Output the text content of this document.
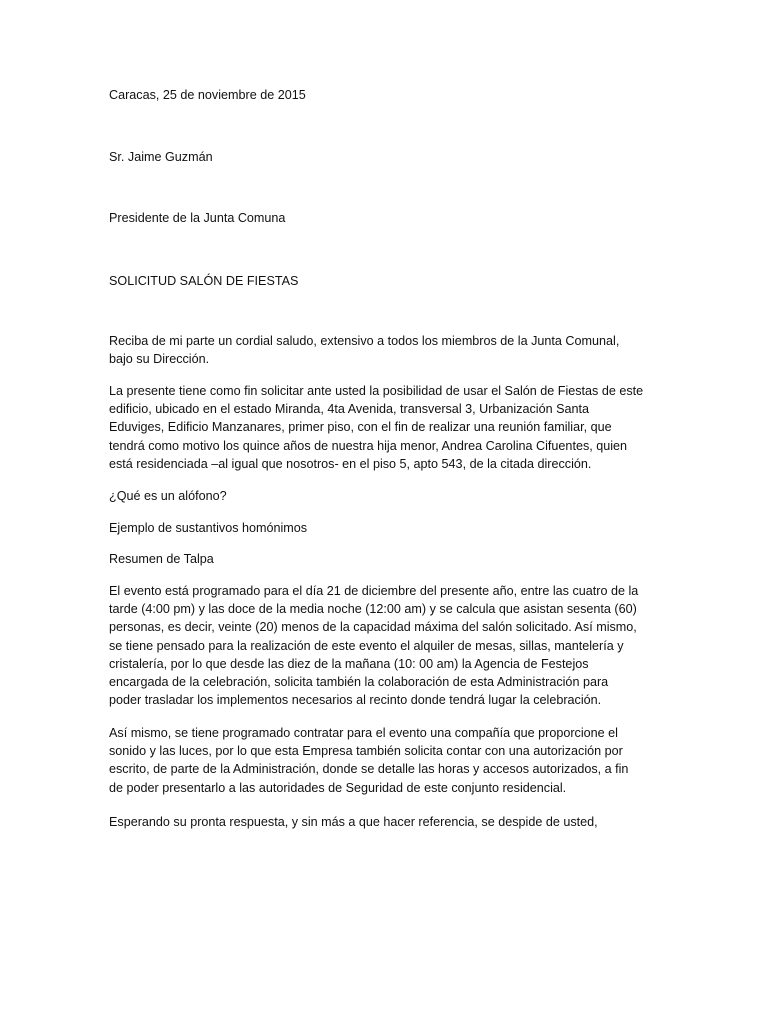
Caracas, 25 de noviembre de 2015

Sr. Jaime Guzmán

Presidente de la Junta Comuna

SOLICITUD SALÓN DE FIESTAS

Reciba de mi parte un cordial saludo, extensivo a todos los miembros de la Junta Comunal,
bajo su Dirección.

La presente tiene como fin solicitar ante usted la posibilidad de usar el Salón de Fiestas de este
edificio, ubicado en el estado Miranda, 4ta Avenida, transversal 3, Urbanización Santa
Eduviges, Edificio Manzanares, primer piso, con el fin de realizar una reunión familiar, que
tendrá como motivo los quince años de nuestra hija menor, Andrea Carolina Cifuentes, quien
está residenciada –al igual que nosotros- en el piso 5, apto 543, de la citada dirección.

¿Qué es un alófono?

Ejemplo de sustantivos homónimos

Resumen de Talpa

El evento está programado para el día 21 de diciembre del presente año, entre las cuatro de la
tarde (4:00 pm) y las doce de la media noche (12:00 am) y se calcula que asistan sesenta (60)
personas, es decir, veinte (20) menos de la capacidad máxima del salón solicitado. Así mismo,
se tiene pensado para la realización de este evento el alquiler de mesas, sillas, mantelería y
cristalería, por lo que desde las diez de la mañana (10: 00 am) la Agencia de Festejos
encargada de la celebración, solicita también la colaboración de esta Administración para
poder trasladar los implementos necesarios al recinto donde tendrá lugar la celebración.

Así mismo, se tiene programado contratar para el evento una compañía que proporcione el
sonido y las luces, por lo que esta Empresa también solicita contar con una autorización por
escrito, de parte de la Administración, donde se detalle las horas y accesos autorizados, a fin
de poder presentarlo a las autoridades de Seguridad de este conjunto residencial.

Esperando su pronta respuesta, y sin más a que hacer referencia, se despide de usted,
